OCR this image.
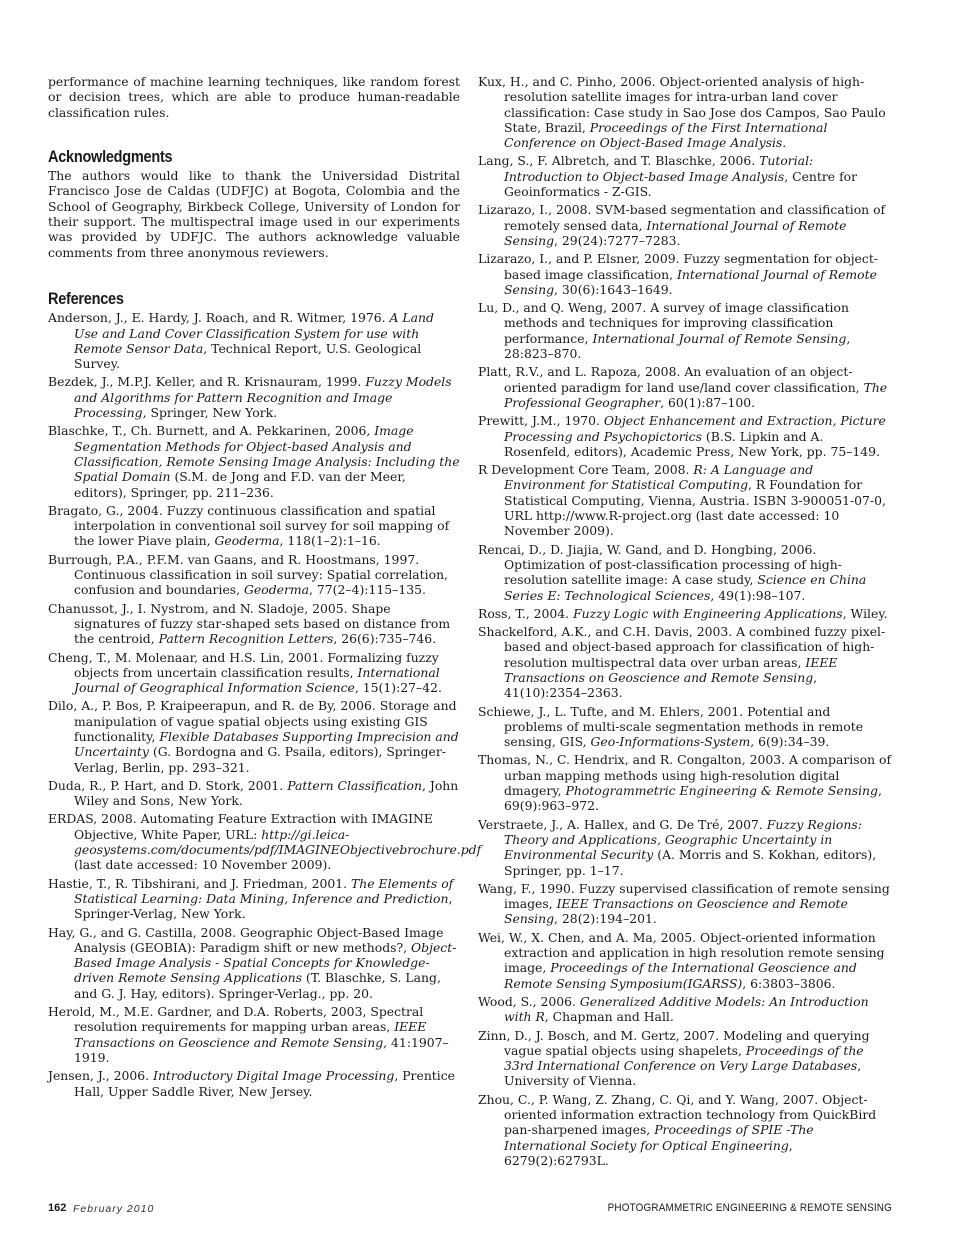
performance of machine learning techniques, like random forest or decision trees, which are able to produce human-readable classification rules.

Acknowledgments

The authors would like to thank the Universidad Distrital Francisco Jose de Caldas (UDFJC) at Bogota, Colombia and the School of Geography, Birkbeck College, University of London for their support. The multispectral image used in our experiments was provided by UDFJC. The authors acknowledge valuable comments from three anonymous reviewers.

References

Anderson, J., E. Hardy, J. Roach, and R. Witmer, 1976. A Land Use and Land Cover Classification System for use with Remote Sensor Data, Technical Report, U.S. Geological Survey.

Bezdek, J., M.P.J. Keller, and R. Krisnauram, 1999. Fuzzy Models and Algorithms for Pattern Recognition and Image Processing, Springer, New York.

Blaschke, T., Ch. Burnett, and A. Pekkarinen, 2006, Image Segmentation Methods for Object-based Analysis and Classification, Remote Sensing Image Analysis: Including the Spatial Domain (S.M. de Jong and F.D. van der Meer, editors), Springer, pp. 211–236.

Bragato, G., 2004. Fuzzy continuous classification and spatial interpolation in conventional soil survey for soil mapping of the lower Piave plain, Geoderma, 118(1–2):1–16.

Burrough, P.A., P.F.M. van Gaans, and R. Hoostmans, 1997. Continuous classification in soil survey: Spatial correlation, confusion and boundaries, Geoderma, 77(2–4):115–135.

Chanussot, J., I. Nystrom, and N. Sladoje, 2005. Shape signatures of fuzzy star-shaped sets based on distance from the centroid, Pattern Recognition Letters, 26(6):735–746.

Cheng, T., M. Molenaar, and H.S. Lin, 2001. Formalizing fuzzy objects from uncertain classification results, International Journal of Geographical Information Science, 15(1):27–42.

Dilo, A., P. Bos, P. Kraipeerapun, and R. de By, 2006. Storage and manipulation of vague spatial objects using existing GIS functionality, Flexible Databases Supporting Imprecision and Uncertainty (G. Bordogna and G. Psaila, editors), Springer-Verlag, Berlin, pp. 293–321.

Duda, R., P. Hart, and D. Stork, 2001. Pattern Classification, John Wiley and Sons, New York.

ERDAS, 2008. Automating Feature Extraction with IMAGINE Objective, White Paper, URL: http://gi.leica-geosystems.com/documents/pdf/IMAGINEObjectivebrochure.pdf (last date accessed: 10 November 2009).

Hastie, T., R. Tibshirani, and J. Friedman, 2001. The Elements of Statistical Learning: Data Mining, Inference and Prediction, Springer-Verlag, New York.

Hay, G., and G. Castilla, 2008. Geographic Object-Based Image Analysis (GEOBIA): Paradigm shift or new methods?, Object-Based Image Analysis - Spatial Concepts for Knowledge-driven Remote Sensing Applications (T. Blaschke, S. Lang, and G. J. Hay, editors). Springer-Verlag., pp. 20.

Herold, M., M.E. Gardner, and D.A. Roberts, 2003, Spectral resolution requirements for mapping urban areas, IEEE Transactions on Geoscience and Remote Sensing, 41:1907–1919.

Jensen, J., 2006. Introductory Digital Image Processing, Prentice Hall, Upper Saddle River, New Jersey.

Kux, H., and C. Pinho, 2006. Object-oriented analysis of high-resolution satellite images for intra-urban land cover classification: Case study in Sao Jose dos Campos, Sao Paulo State, Brazil, Proceedings of the First International Conference on Object-Based Image Analysis.

Lang, S., F. Albretch, and T. Blaschke, 2006. Tutorial: Introduction to Object-based Image Analysis, Centre for Geoinformatics - Z-GIS.

Lizarazo, I., 2008. SVM-based segmentation and classification of remotely sensed data, International Journal of Remote Sensing, 29(24):7277–7283.

Lizarazo, I., and P. Elsner, 2009. Fuzzy segmentation for object-based image classification, International Journal of Remote Sensing, 30(6):1643–1649.

Lu, D., and Q. Weng, 2007. A survey of image classification methods and techniques for improving classification performance, International Journal of Remote Sensing, 28:823–870.

Platt, R.V., and L. Rapoza, 2008. An evaluation of an object-oriented paradigm for land use/land cover classification, The Professional Geographer, 60(1):87–100.

Prewitt, J.M., 1970. Object Enhancement and Extraction, Picture Processing and Psychopictorics (B.S. Lipkin and A. Rosenfeld, editors), Academic Press, New York, pp. 75–149.

R Development Core Team, 2008. R: A Language and Environment for Statistical Computing, R Foundation for Statistical Computing, Vienna, Austria. ISBN 3-900051-07-0, URL http://www.R-project.org (last date accessed: 10 November 2009).

Rencai, D., D. Jiajia, W. Gand, and D. Hongbing, 2006. Optimization of post-classification processing of high-resolution satellite image: A case study, Science en China Series E: Technological Sciences, 49(1):98–107.

Ross, T., 2004. Fuzzy Logic with Engineering Applications, Wiley.

Shackelford, A.K., and C.H. Davis, 2003. A combined fuzzy pixel-based and object-based approach for classification of high-resolution multispectral data over urban areas, IEEE Transactions on Geoscience and Remote Sensing, 41(10):2354–2363.

Schiewe, J., L. Tufte, and M. Ehlers, 2001. Potential and problems of multi-scale segmentation methods in remote sensing, GIS, Geo-Informations-System, 6(9):34–39.

Thomas, N., C. Hendrix, and R. Congalton, 2003. A comparison of urban mapping methods using high-resolution digital dmagery, Photogrammetric Engineering & Remote Sensing, 69(9):963–972.

Verstraete, J., A. Hallex, and G. De Tré, 2007. Fuzzy Regions: Theory and Applications, Geographic Uncertainty in Environmental Security (A. Morris and S. Kokhan, editors), Springer, pp. 1–17.

Wang, F., 1990. Fuzzy supervised classification of remote sensing images, IEEE Transactions on Geoscience and Remote Sensing, 28(2):194–201.

Wei, W., X. Chen, and A. Ma, 2005. Object-oriented information extraction and application in high resolution remote sensing image, Proceedings of the International Geoscience and Remote Sensing Symposium(IGARSS), 6:3803–3806.

Wood, S., 2006. Generalized Additive Models: An Introduction with R, Chapman and Hall.

Zinn, D., J. Bosch, and M. Gertz, 2007. Modeling and querying vague spatial objects using shapelets, Proceedings of the 33rd International Conference on Very Large Databases, University of Vienna.

Zhou, C., P. Wang, Z. Zhang, C. Qi, and Y. Wang, 2007. Object-oriented information extraction technology from QuickBird pan-sharpened images, Proceedings of SPIE -The International Society for Optical Engineering, 6279(2):62793L.

162 February 2010	PHOTOGRAMMETRIC ENGINEERING & REMOTE SENSING
